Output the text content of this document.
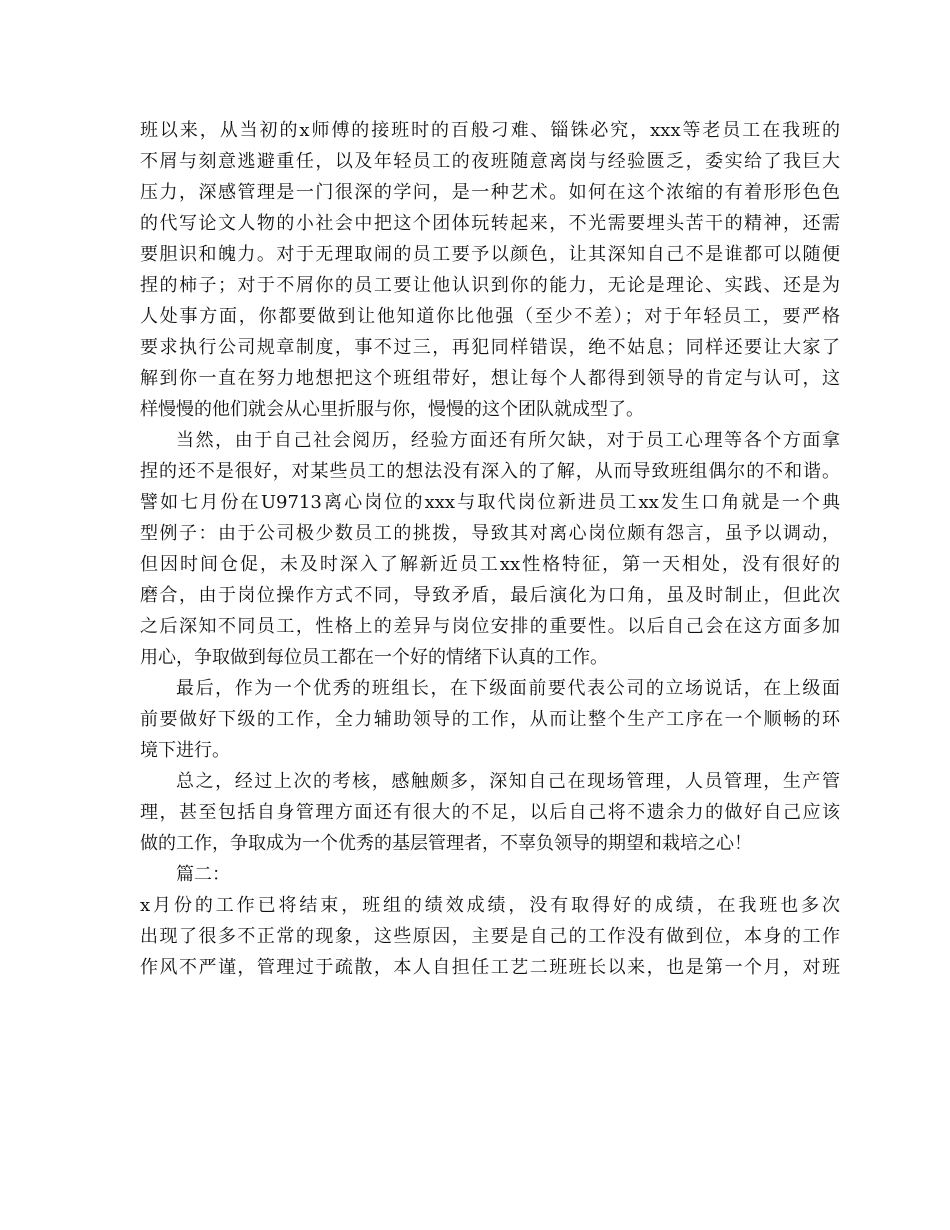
班以来，从当初的x师傅的接班时的百般刁难、锱铢必究，xxx等老员工在我班的
不屑与刻意逃避重任，以及年轻员工的夜班随意离岗与经验匮乏，委实给了我巨大
压力，深感管理是一门很深的学问，是一种艺术。如何在这个浓缩的有着形形色色
的代写论文人物的小社会中把这个团体玩转起来，不光需要埋头苦干的精神，还需
要胆识和魄力。对于无理取闹的员工要予以颜色，让其深知自己不是谁都可以随便
捏的柿子；对于不屑你的员工要让他认识到你的能力，无论是理论、实践、还是为
人处事方面，你都要做到让他知道你比他强（至少不差）；对于年轻员工，要严格
要求执行公司规章制度，事不过三，再犯同样错误，绝不姑息；同样还要让大家了
解到你一直在努力地想把这个班组带好，想让每个人都得到领导的肯定与认可，这
样慢慢的他们就会从心里折服与你，慢慢的这个团队就成型了。
当然，由于自己社会阅历，经验方面还有所欠缺，对于员工心理等各个方面拿
捏的还不是很好，对某些员工的想法没有深入的了解，从而导致班组偶尔的不和谐。
譬如七月份在U9713离心岗位的xxx与取代岗位新进员工xx发生口角就是一个典
型例子：由于公司极少数员工的挑拨，导致其对离心岗位颇有怨言，虽予以调动，
但因时间仓促，未及时深入了解新近员工xx性格特征，第一天相处，没有很好的
磨合，由于岗位操作方式不同，导致矛盾，最后演化为口角，虽及时制止，但此次
之后深知不同员工，性格上的差异与岗位安排的重要性。以后自己会在这方面多加
用心，争取做到每位员工都在一个好的情绪下认真的工作。
最后，作为一个优秀的班组长，在下级面前要代表公司的立场说话，在上级面
前要做好下级的工作，全力辅助领导的工作，从而让整个生产工序在一个顺畅的环
境下进行。
总之，经过上次的考核，感触颇多，深知自己在现场管理，人员管理，生产管
理，甚至包括自身管理方面还有很大的不足，以后自己将不遗余力的做好自己应该
做的工作，争取成为一个优秀的基层管理者，不辜负领导的期望和栽培之心！
篇二：
x月份的工作已将结束，班组的绩效成绩，没有取得好的成绩，在我班也多次
出现了很多不正常的现象，这些原因，主要是自己的工作没有做到位，本身的工作
作风不严谨，管理过于疏散，本人自担任工艺二班班长以来，也是第一个月，对班
